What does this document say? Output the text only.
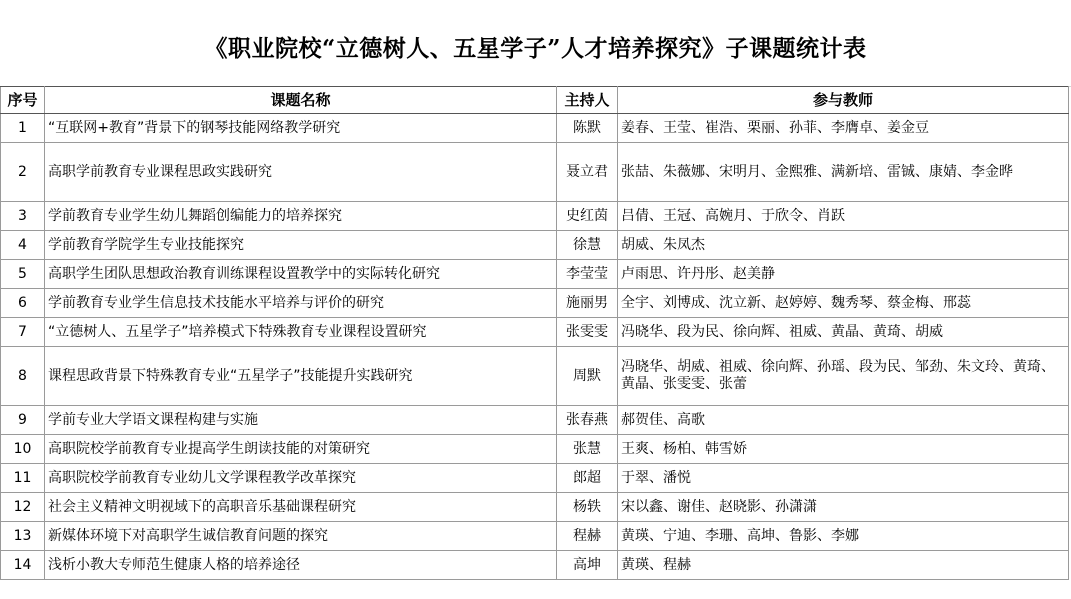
《职业院校“立德树人、五星学子”人才培养探究》子课题统计表
序号	课题名称	主持人	参与教师
1	“互联网+教育”背景下的钢琴技能网络教学研究	陈默	姜春、王莹、崔浩、栗丽、孙菲、李膺卓、姜金豆
2	高职学前教育专业课程思政实践研究	聂立君	张喆、朱薇娜、宋明月、金熙雅、满新培、雷铖、康婧、李金晔
3	学前教育专业学生幼儿舞蹈创编能力的培养探究	史红茵	吕倩、王冠、高婉月、于欣令、肖跃
4	学前教育学院学生专业技能探究	徐慧	胡威、朱凤杰
5	高职学生团队思想政治教育训练课程设置教学中的实际转化研究	李莹莹	卢雨思、许丹彤、赵美静
6	学前教育专业学生信息技术技能水平培养与评价的研究	施丽男	全宇、刘博成、沈立新、赵婷婷、魏秀琴、蔡金梅、邢蕊
7	“立德树人、五星学子”培养模式下特殊教育专业课程设置研究	张雯雯	冯晓华、段为民、徐向辉、祖威、黄晶、黄琦、胡威
8	课程思政背景下特殊教育专业“五星学子”技能提升实践研究	周默	冯晓华、胡威、祖威、徐向辉、孙瑶、段为民、邹劲、朱文玲、黄琦、黄晶、张雯雯、张蕾
9	学前专业大学语文课程构建与实施	张春燕	郝贺佳、高歌
10	高职院校学前教育专业提高学生朗读技能的对策研究	张慧	王爽、杨柏、韩雪娇
11	高职院校学前教育专业幼儿文学课程教学改革探究	郎超	于翠、潘悦
12	社会主义精神文明视域下的高职音乐基础课程研究	杨轶	宋以鑫、谢佳、赵晓影、孙潇潇
13	新媒体环境下对高职学生诚信教育问题的探究	程赫	黄瑛、宁迪、李珊、高坤、鲁影、李娜
14	浅析小教大专师范生健康人格的培养途径	高坤	黄瑛、程赫
